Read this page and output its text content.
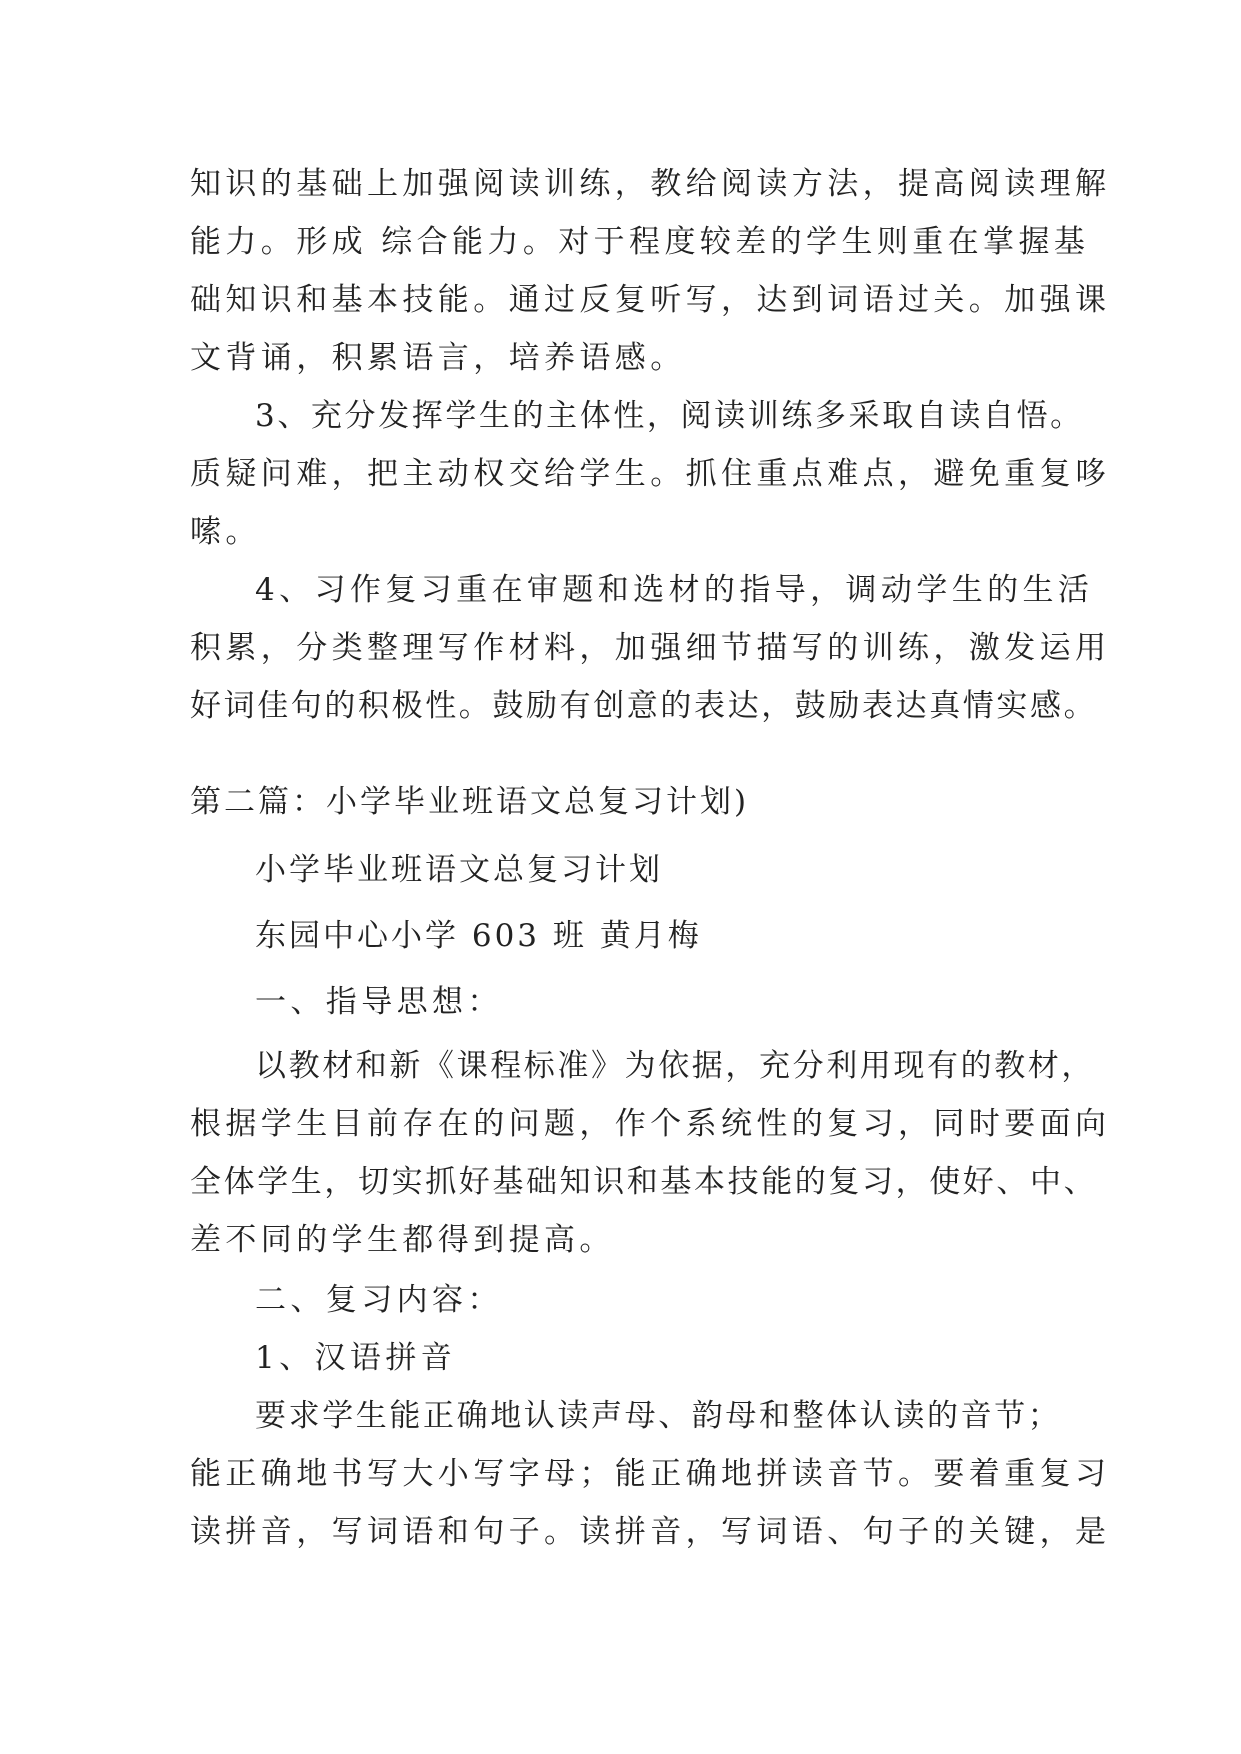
知识的基础上加强阅读训练，教给阅读方法，提高阅读理解

能力。形成 综合能力。对于程度较差的学生则重在掌握基

础知识和基本技能。通过反复听写，达到词语过关。加强课

文背诵，积累语言，培养语感。

3、充分发挥学生的主体性，阅读训练多采取自读自悟。

质疑问难，把主动权交给学生。抓住重点难点，避免重复哆

嗦。

4、习作复习重在审题和选材的指导，调动学生的生活

积累，分类整理写作材料，加强细节描写的训练，激发运用

好词佳句的积极性。鼓励有创意的表达，鼓励表达真情实感。

第二篇：小学毕业班语文总复习计划)

小学毕业班语文总复习计划

东园中心小学 603 班 黄月梅

一、指导思想：

以教材和新《课程标准》为依据，充分利用现有的教材，

根据学生目前存在的问题，作个系统性的复习，同时要面向

全体学生，切实抓好基础知识和基本技能的复习，使好、中、

差不同的学生都得到提高。

二、复习内容：

1、汉语拼音

要求学生能正确地认读声母、韵母和整体认读的音节；

能正确地书写大小写字母；能正确地拼读音节。要着重复习

读拼音，写词语和句子。读拼音，写词语、句子的关键，是
